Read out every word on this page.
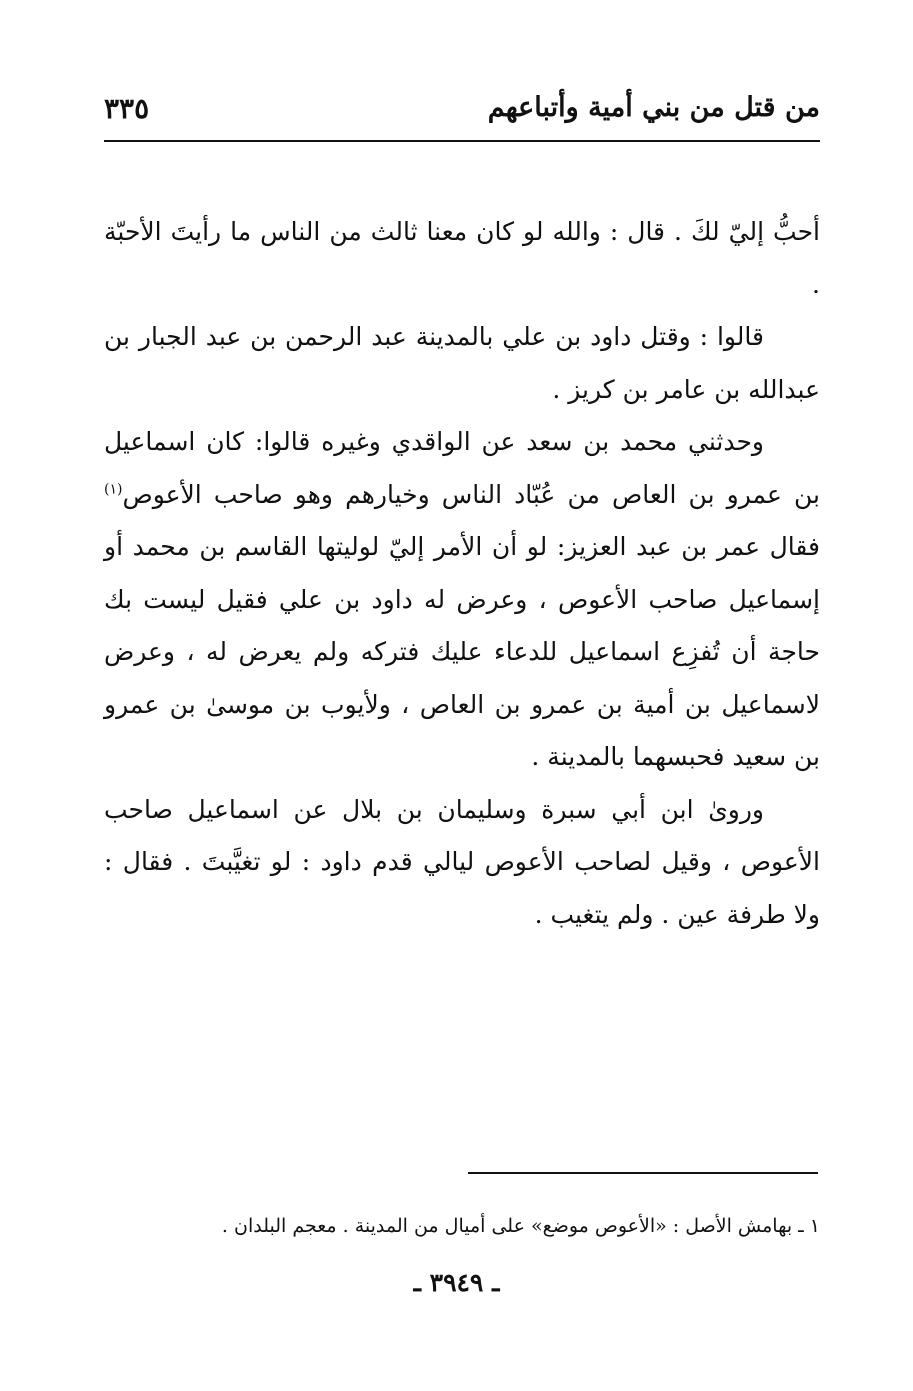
٣٣٥	من قتل من بني أمية وأتباعهم

أحبُّ إليّ لكَ . قال : والله لو كان معنا ثالث من الناس ما رأيتَ الأحبّة .

قالوا : وقتل داود بن علي بالمدينة عبد الرحمن بن عبد الجبار بن عبدالله بن عامر بن كريز .

وحدثني محمد بن سعد عن الواقدي وغيره قالوا: كان اسماعيل بن عمرو بن العاص من عُبّاد الناس وخيارهم وهو صاحب الأعوص$^{(١)}$ فقال عمر بن عبد العزيز: لو أن الأمر إليّ لوليتها القاسم بن محمد أو إسماعيل صاحب الأعوص ، وعرض له داود بن علي فقيل ليست بك حاجة أن تُفزِع اسماعيل للدعاء عليك فتركه ولم يعرض له ، وعرض لاسماعيل بن أمية بن عمرو بن العاص ، ولأيوب بن موسىٰ بن عمرو بن سعيد فحبسهما بالمدينة .

ورویٰ ابن أبي سبرة وسليمان بن بلال عن اسماعيل صاحب الأعوص ، وقيل لصاحب الأعوص ليالي قدم داود : لو تغيَّبتَ . فقال : ولا طرفة عين . ولم يتغيب .

١ ـ بهامش الأصل : «الأعوص موضع» على أميال من المدينة . معجم البلدان .
ـ ٣٩٤٩ ـ
